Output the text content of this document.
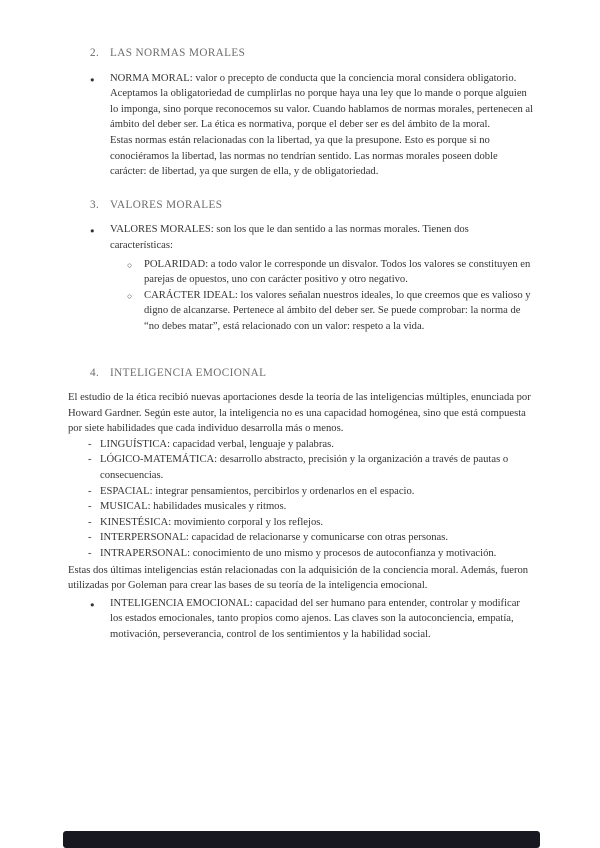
2. LAS NORMAS MORALES
●	NORMA MORAL: valor o precepto de conducta que la conciencia moral considera obligatorio. Aceptamos la obligatoriedad de cumplirlas no porque haya una ley que lo mande o porque alguien lo imponga, sino porque reconocemos su valor. Cuando hablamos de normas morales, pertenecen al ámbito del deber ser. La ética es normativa, porque el deber ser es del ámbito de la moral.
Estas normas están relacionadas con la libertad, ya que la presupone. Esto es porque si no conociéramos la libertad, las normas no tendrían sentido. Las normas morales poseen doble carácter: de libertad, ya que surgen de ella, y de obligatoriedad.
3. VALORES MORALES
●	VALORES MORALES: son los que le dan sentido a las normas morales. Tienen dos características:
○	POLARIDAD: a todo valor le corresponde un disvalor. Todos los valores se constituyen en parejas de opuestos, uno con carácter positivo y otro negativo.
○	CARÁCTER IDEAL: los valores señalan nuestros ideales, lo que creemos que es valioso y digno de alcanzarse. Pertenece al ámbito del deber ser. Se puede comprobar: la norma de “no debes matar”, está relacionado con un valor: respeto a la vida.
4. INTELIGENCIA EMOCIONAL

El estudio de la ética recibió nuevas aportaciones desde la teoría de las inteligencias múltiples, enunciada por Howard Gardner. Según este autor, la inteligencia no es una capacidad homogénea, sino que está compuesta por siete habilidades que cada individuo desarrolla más o menos.

- LINGUÍSTICA: capacidad verbal, lenguaje y palabras.
- LÓGICO-MATEMÁTICA: desarrollo abstracto, precisión y la organización a través de pautas o consecuencias.
- ESPACIAL: integrar pensamientos, percibirlos y ordenarlos en el espacio.
- MUSICAL: habilidades musicales y ritmos.
- KINESTÉSICA: movimiento corporal y los reflejos.
- INTERPERSONAL: capacidad de relacionarse y comunicarse con otras personas.
- INTRAPERSONAL: conocimiento de uno mismo y procesos de autoconfianza y motivación.

Estas dos últimas inteligencias están relacionadas con la adquisición de la conciencia moral. Además, fueron utilizadas por Goleman para crear las bases de su teoría de la inteligencia emocional.

●	INTELIGENCIA EMOCIONAL: capacidad del ser humano para entender, controlar y modificar los estados emocionales, tanto propios como ajenos. Las claves son la autoconciencia, empatía, motivación, perseverancia, control de los sentimientos y la habilidad social.
